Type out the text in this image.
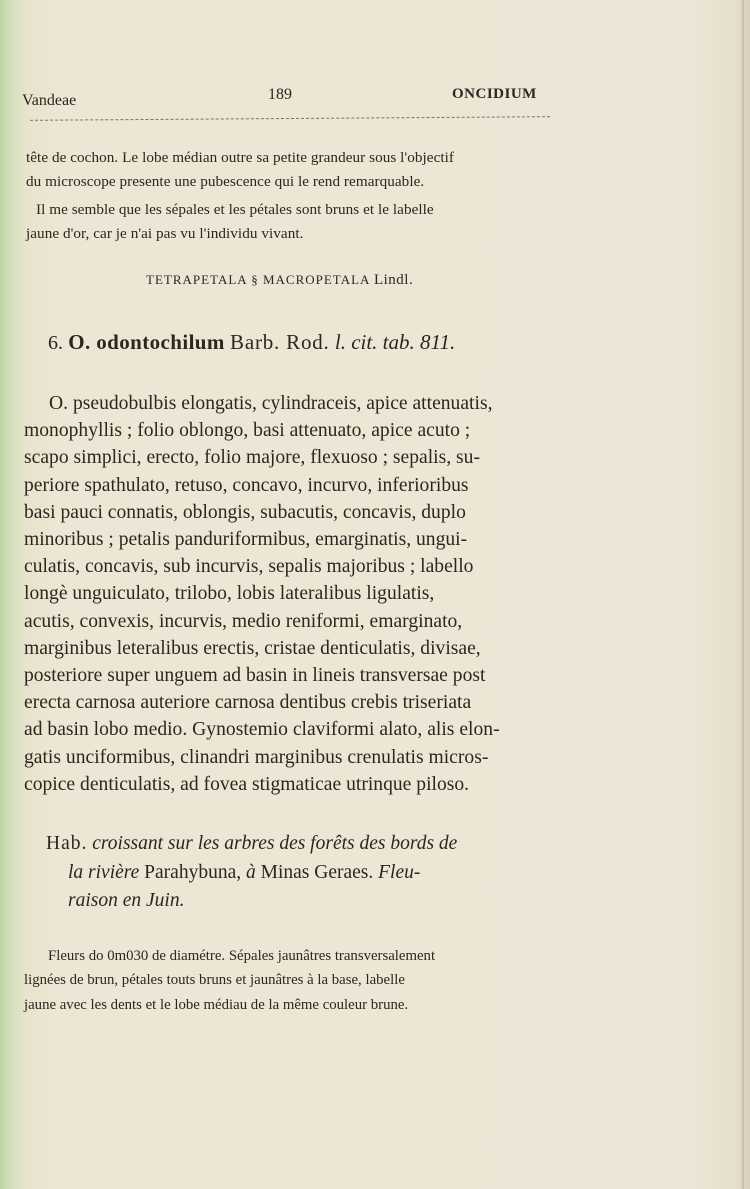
Vandeae	189	ONCIDIUM
tête de cochon. Le lobe médian outre sa petite grandeur sous l'objectif
du microscope presente une pubescence qui le rend remarquable.
Il me semble que les sépales et les pétales sont bruns et le labelle
jaune d'or, car je n'ai pas vu l'individu vivant.
TETRAPETALA § MACROPETALA Lindl.
6. O. odontochilum Barb. Rod. l. cit. tab. 811.
O. pseudobulbis elongatis, cylindraceis, apice attenuatis,
monophyllis ; folio oblongo, basi attenuato, apice acuto ;
scapo simplici, erecto, folio majore, flexuoso ; sepalis, su-
periore spathulato, retuso, concavo, incurvo, inferioribus
basi pauci connatis, oblongis, subacutis, concavis, duplo
minoribus ; petalis panduriformibus, emarginatis, ungui-
culatis, concavis, sub incurvis, sepalis majoribus ; labello
longè unguiculato, trilobo, lobis lateralibus ligulatis,
acutis, convexis, incurvis, medio reniformi, emarginato,
marginibus leteralibus erectis, cristae denticulatis, divisae,
posteriore super unguem ad basin in lineis transversae post
erecta carnosa auteriore carnosa dentibus crebis triseriata
ad basin lobo medio. Gynostemio claviformi alato, alis elon-
gatis unciformibus, clinandri marginibus crenulatis micros-
copice denticulatis, ad fovea stigmaticae utrinque piloso.
Hab. croissant sur les arbres des forêts des bords de
la rivière Parahybuna, à Minas Geraes. Fleu-
raison en Juin.
Fleurs do 0m030 de diamétre. Sépales jaunâtres transversalement
lignées de brun, pétales touts bruns et jaunâtres à la base, labelle
jaune avec les dents et le lobe médiau de la même couleur brune.
